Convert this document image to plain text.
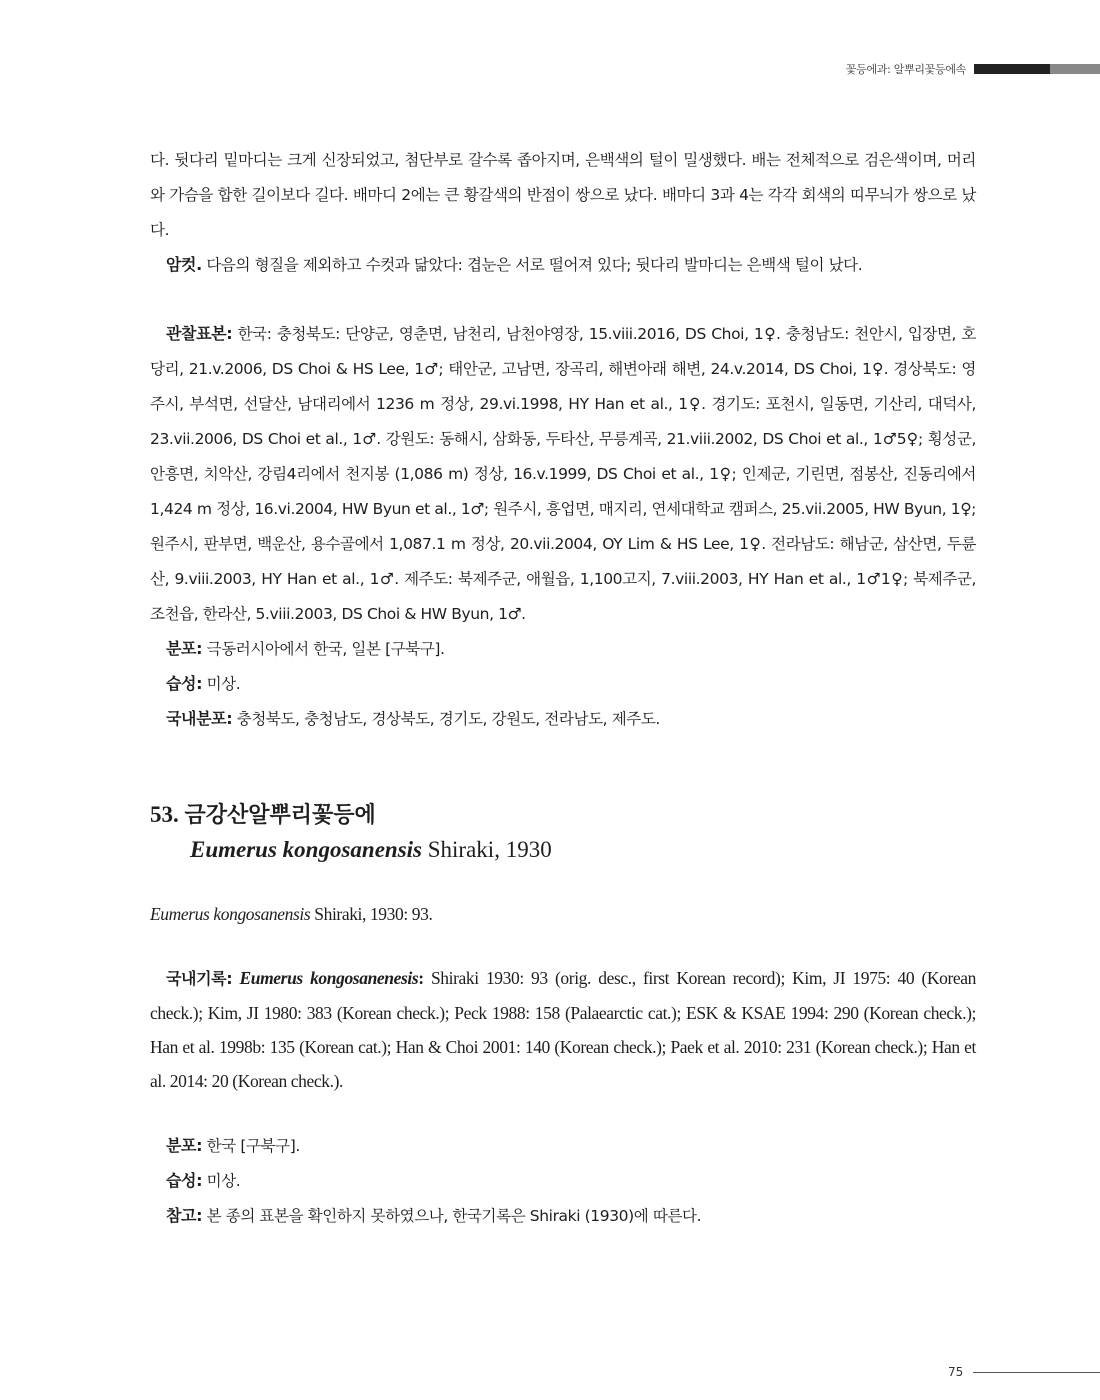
꽃등에과: 알뿌리꽃등에속

다. 뒷다리 밑마디는 크게 신장되었고, 첨단부로 갈수록 좁아지며, 은백색의 털이 밀생했다. 배는 전체적으로 검은색이며, 머리와 가슴을 합한 길이보다 길다. 배마디 2에는 큰 황갈색의 반점이 쌍으로 났다. 배마디 3과 4는 각각 회색의 띠무늬가 쌍으로 났다.

암컷. 다음의 형질을 제외하고 수컷과 닮았다: 겹눈은 서로 떨어져 있다; 뒷다리 발마디는 은백색 털이 났다.

관찰표본: 한국: 충청북도: 단양군, 영춘면, 남천리, 남천야영장, 15.viii.2016, DS Choi, 1♀. 충청남도: 천안시, 입장면, 호당리, 21.v.2006, DS Choi & HS Lee, 1♂; 태안군, 고남면, 장곡리, 해변아래 해변, 24.v.2014, DS Choi, 1♀. 경상북도: 영주시, 부석면, 선달산, 남대리에서 1236 m 정상, 29.vi.1998, HY Han et al., 1♀. 경기도: 포천시, 일동면, 기산리, 대덕사, 23.vii.2006, DS Choi et al., 1♂. 강원도: 동해시, 삼화동, 두타산, 무릉계곡, 21.viii.2002, DS Choi et al., 1♂5♀; 횡성군, 안흥면, 치악산, 강림4리에서 천지봉 (1,086 m) 정상, 16.v.1999, DS Choi et al., 1♀; 인제군, 기린면, 점봉산, 진동리에서 1,424 m 정상, 16.vi.2004, HW Byun et al., 1♂; 원주시, 흥업면, 매지리, 연세대학교 캠퍼스, 25.vii.2005, HW Byun, 1♀; 원주시, 판부면, 백운산, 용수골에서 1,087.1 m 정상, 20.vii.2004, OY Lim & HS Lee, 1♀. 전라남도: 해남군, 삼산면, 두륜산, 9.viii.2003, HY Han et al., 1♂. 제주도: 북제주군, 애월읍, 1,100고지, 7.viii.2003, HY Han et al., 1♂1♀; 북제주군, 조천읍, 한라산, 5.viii.2003, DS Choi & HW Byun, 1♂.

분포: 극동러시아에서 한국, 일본 [구북구].

습성: 미상.

국내분포: 충청북도, 충청남도, 경상북도, 경기도, 강원도, 전라남도, 제주도.

53. 금강산알뿌리꽃등에
Eumerus kongosanensis Shiraki, 1930

Eumerus kongosanensis Shiraki, 1930: 93.

국내기록: Eumerus kongosanenesis: Shiraki 1930: 93 (orig. desc., first Korean record); Kim, JI 1975: 40 (Korean check.); Kim, JI 1980: 383 (Korean check.); Peck 1988: 158 (Palaearctic cat.); ESK & KSAE 1994: 290 (Korean check.); Han et al. 1998b: 135 (Korean cat.); Han & Choi 2001: 140 (Korean check.); Paek et al. 2010: 231 (Korean check.); Han et al. 2014: 20 (Korean check.).

분포: 한국 [구북구].

습성: 미상.

참고: 본 종의 표본을 확인하지 못하였으나, 한국기록은 Shiraki (1930)에 따른다.

75
